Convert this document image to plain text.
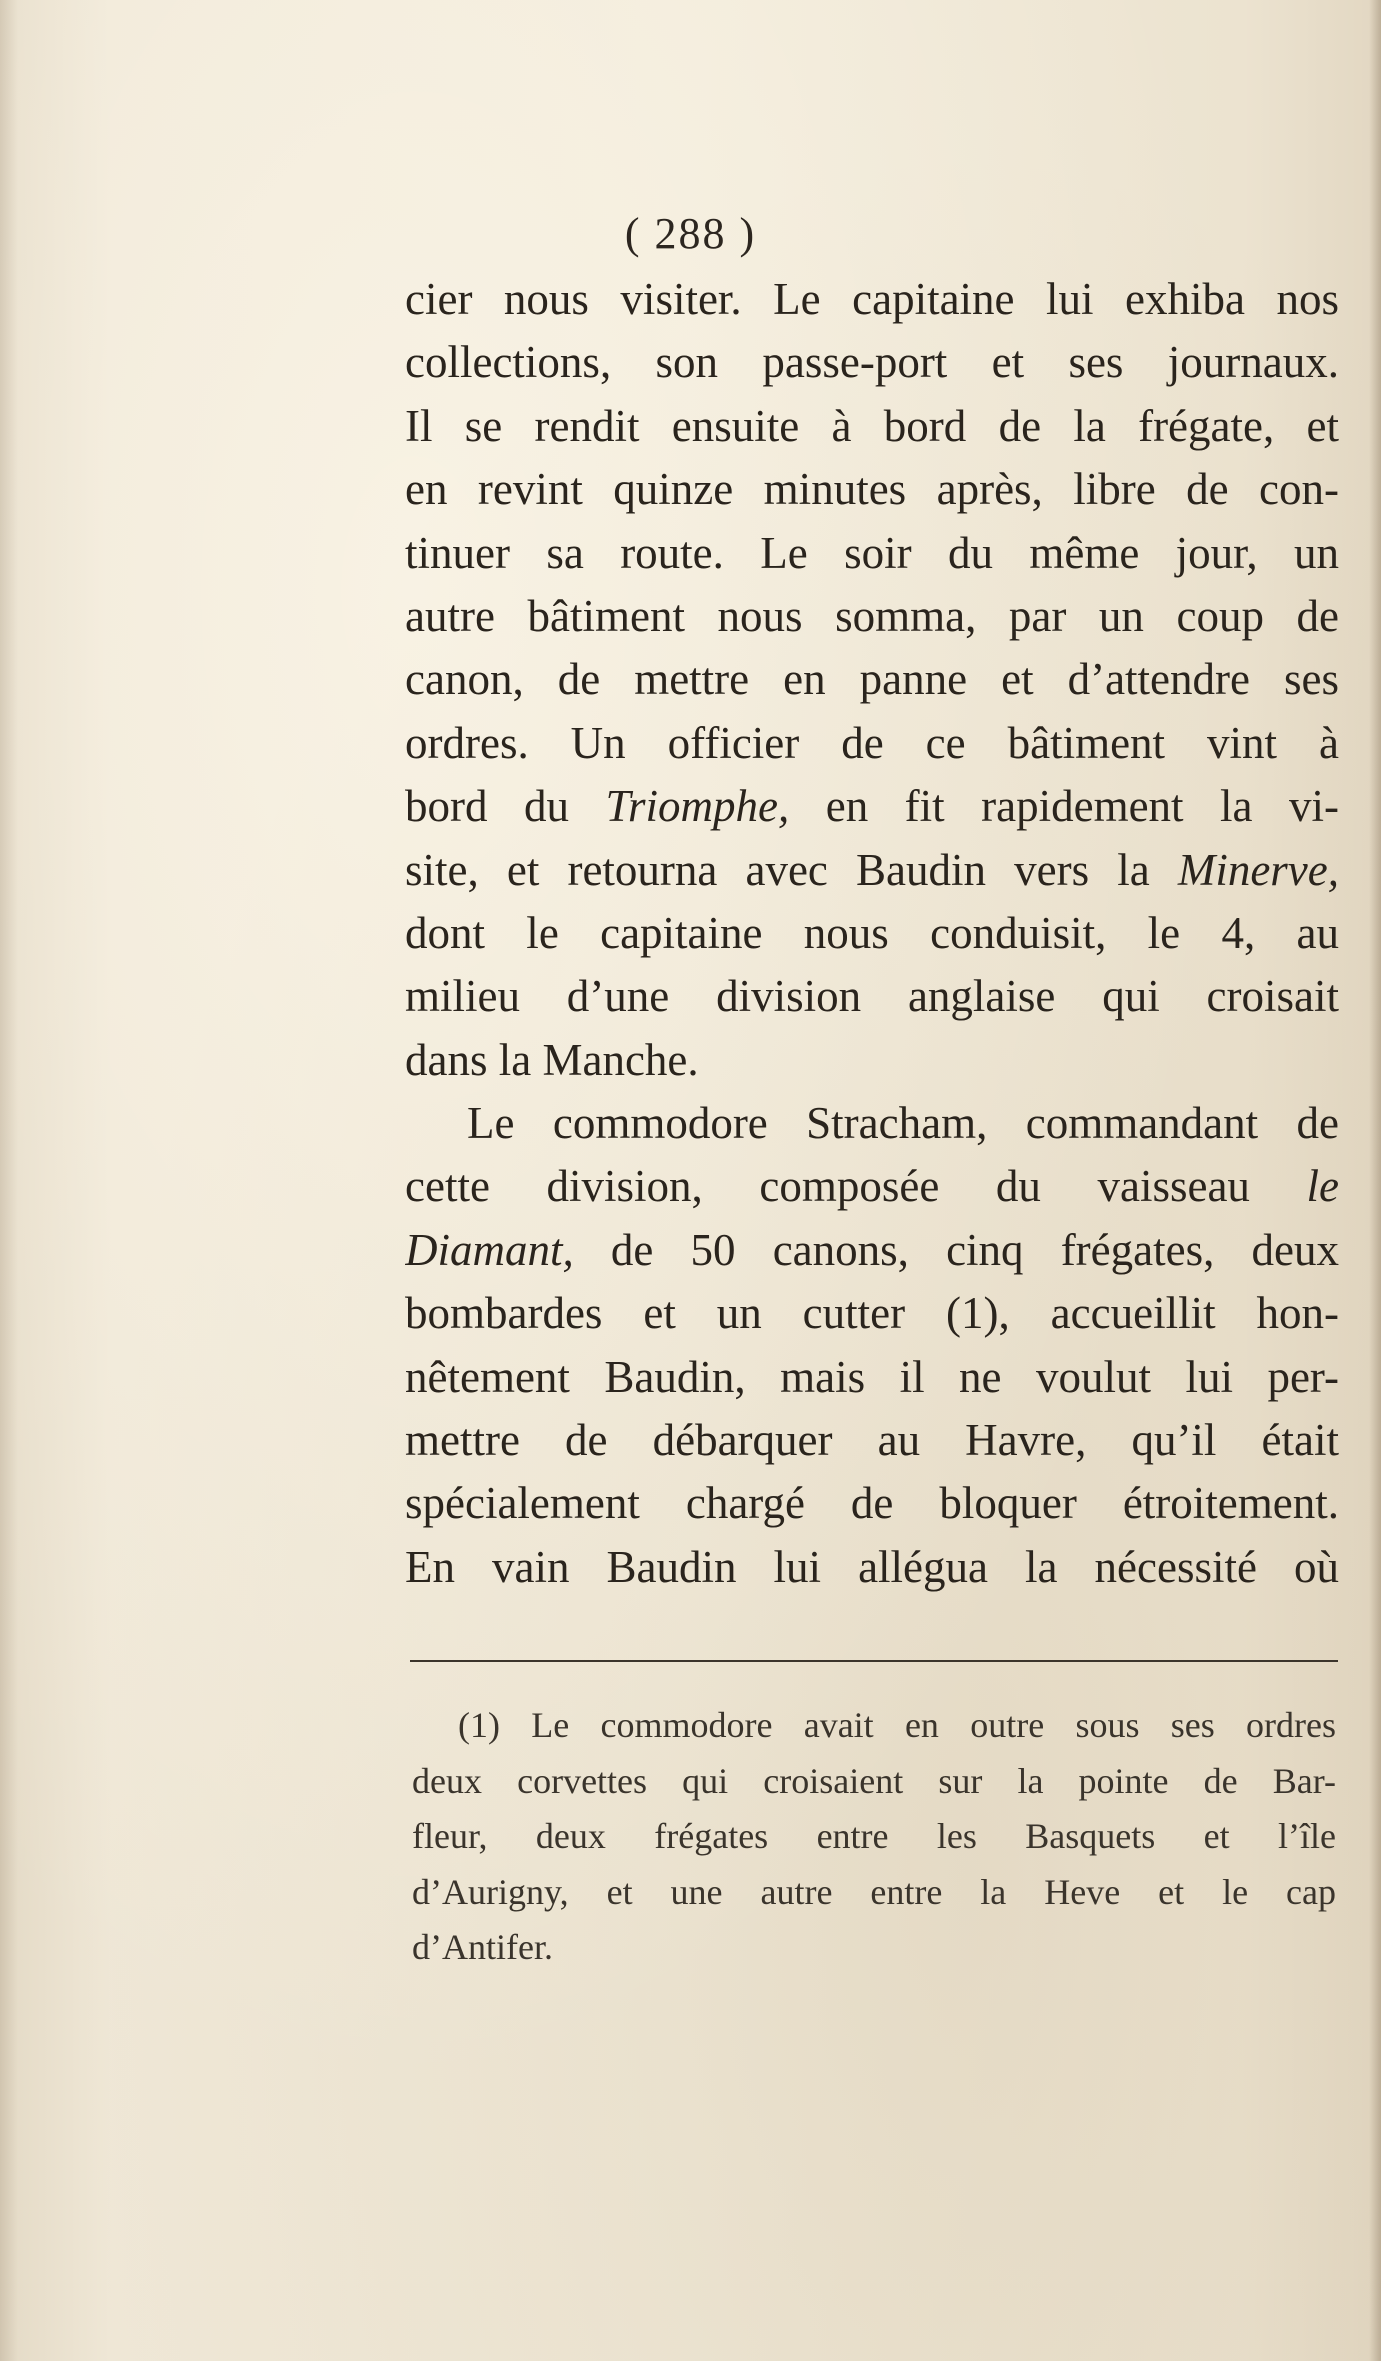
( 288 )
cier nous visiter. Le capitaine lui exhiba nos
collections, son passe-port et ses journaux.
Il se rendit ensuite à bord de la frégate, et
en revint quinze minutes après, libre de con-
tinuer sa route. Le soir du même jour, un
autre bâtiment nous somma, par un coup de
canon, de mettre en panne et d’attendre ses
ordres. Un officier de ce bâtiment vint à
bord du Triomphe, en fit rapidement la vi-
site, et retourna avec Baudin vers la Minerve,
dont le capitaine nous conduisit, le 4, au
milieu d’une division anglaise qui croisait
dans la Manche.
Le commodore Stracham, commandant de
cette division, composée du vaisseau le
Diamant, de 50 canons, cinq frégates, deux
bombardes et un cutter (1), accueillit hon-
nêtement Baudin, mais il ne voulut lui per-
mettre de débarquer au Havre, qu’il était
spécialement chargé de bloquer étroitement.
En vain Baudin lui allégua la nécessité où
(1) Le commodore avait en outre sous ses ordres
deux corvettes qui croisaient sur la pointe de Bar-
fleur, deux frégates entre les Basquets et l’île
d’Aurigny, et une autre entre la Heve et le cap
d’Antifer.
